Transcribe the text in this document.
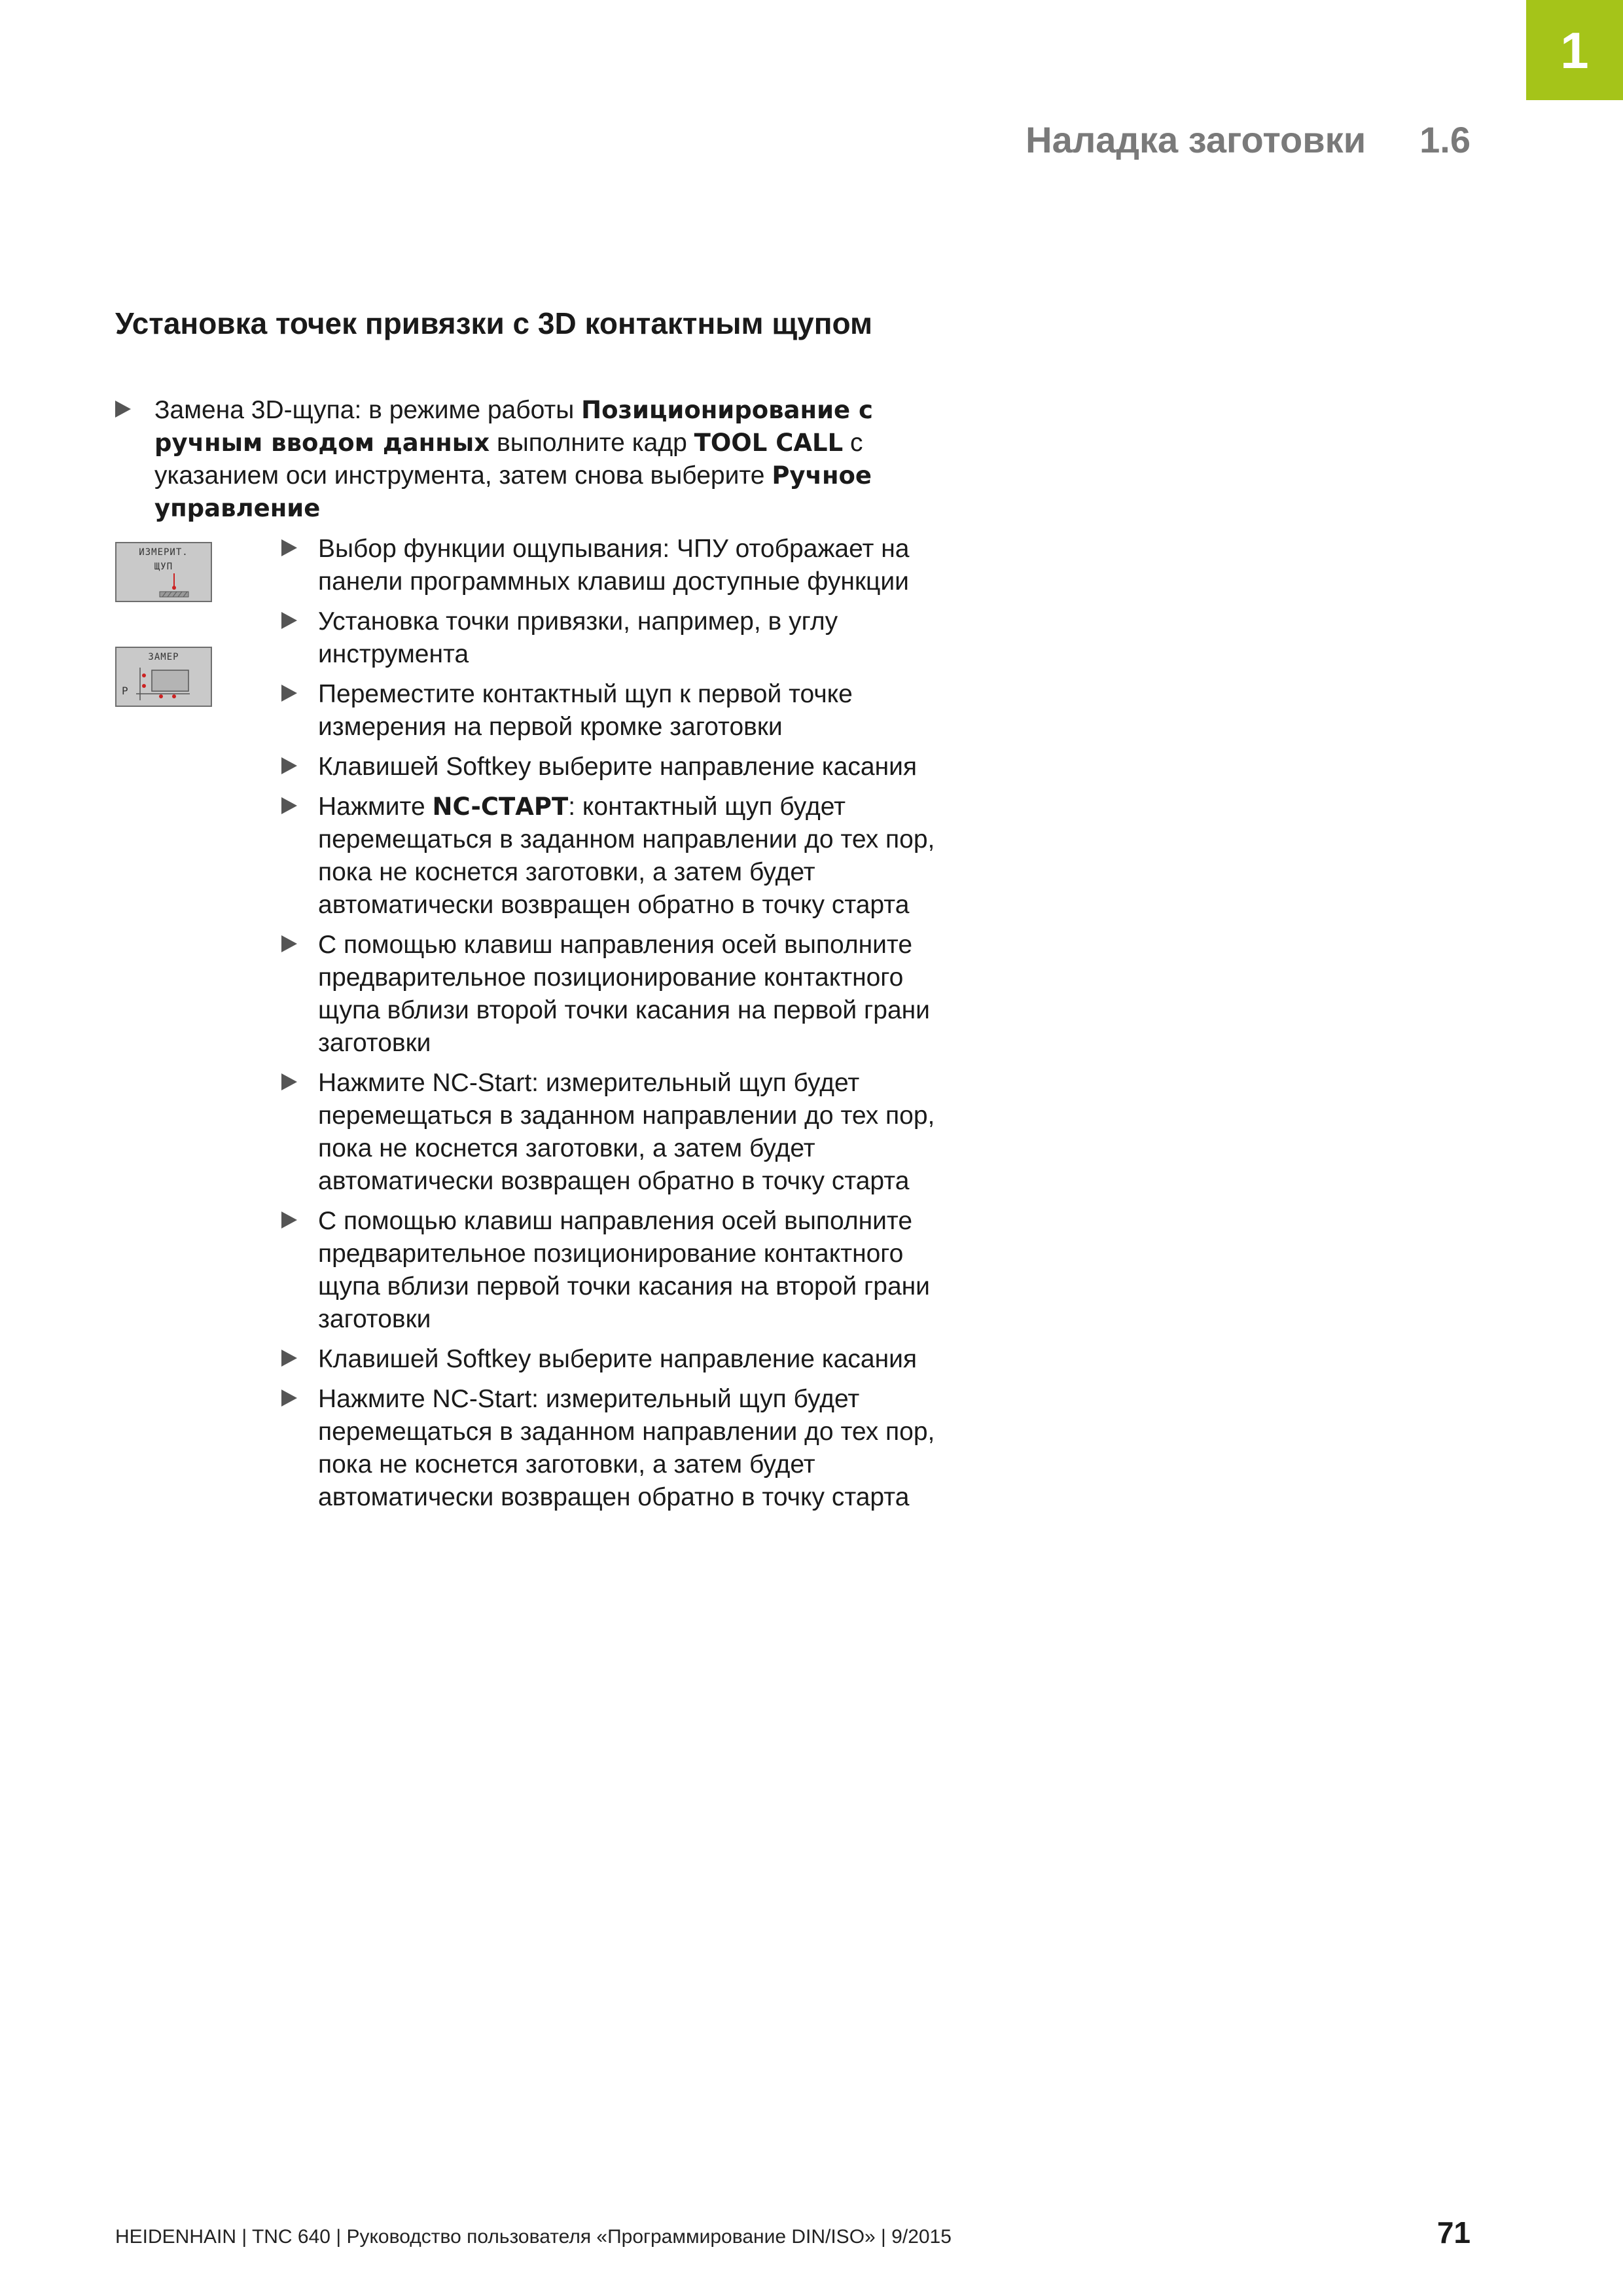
1
Наладка заготовки 1.6
Установка точек привязки с 3D контактным щупом
Замена 3D-щупа: в режиме работы Позиционирование с ручным вводом данных выполните кадр TOOL CALL с указанием оси инструмента, затем снова выберите Ручное управление
ИЗМЕРИТ.
ЩУП
ЗАМЕР
P
Выбор функции ощупывания: ЧПУ отображает на панели программных клавиш доступные функции
Установка точки привязки, например, в углу инструмента
Переместите контактный щуп к первой точке измерения на первой кромке заготовки
Клавишей Softkey выберите направление касания
Нажмите NC-СТАРТ: контактный щуп будет перемещаться в заданном направлении до тех пор, пока не коснется заготовки, а затем будет автоматически возвращен обратно в точку старта
С помощью клавиш направления осей выполните предварительное позиционирование контактного щупа вблизи второй точки касания на первой грани заготовки
Нажмите NC-Start: измерительный щуп будет перемещаться в заданном направлении до тех пор, пока не коснется заготовки, а затем будет автоматически возвращен обратно в точку старта
С помощью клавиш направления осей выполните предварительное позиционирование контактного щупа вблизи первой точки касания на второй грани заготовки
Клавишей Softkey выберите направление касания
Нажмите NC-Start: измерительный щуп будет перемещаться в заданном направлении до тех пор, пока не коснется заготовки, а затем будет автоматически возвращен обратно в точку старта
HEIDENHAIN | TNC 640 | Руководство пользователя «Программирование DIN/ISO» | 9/2015	71
